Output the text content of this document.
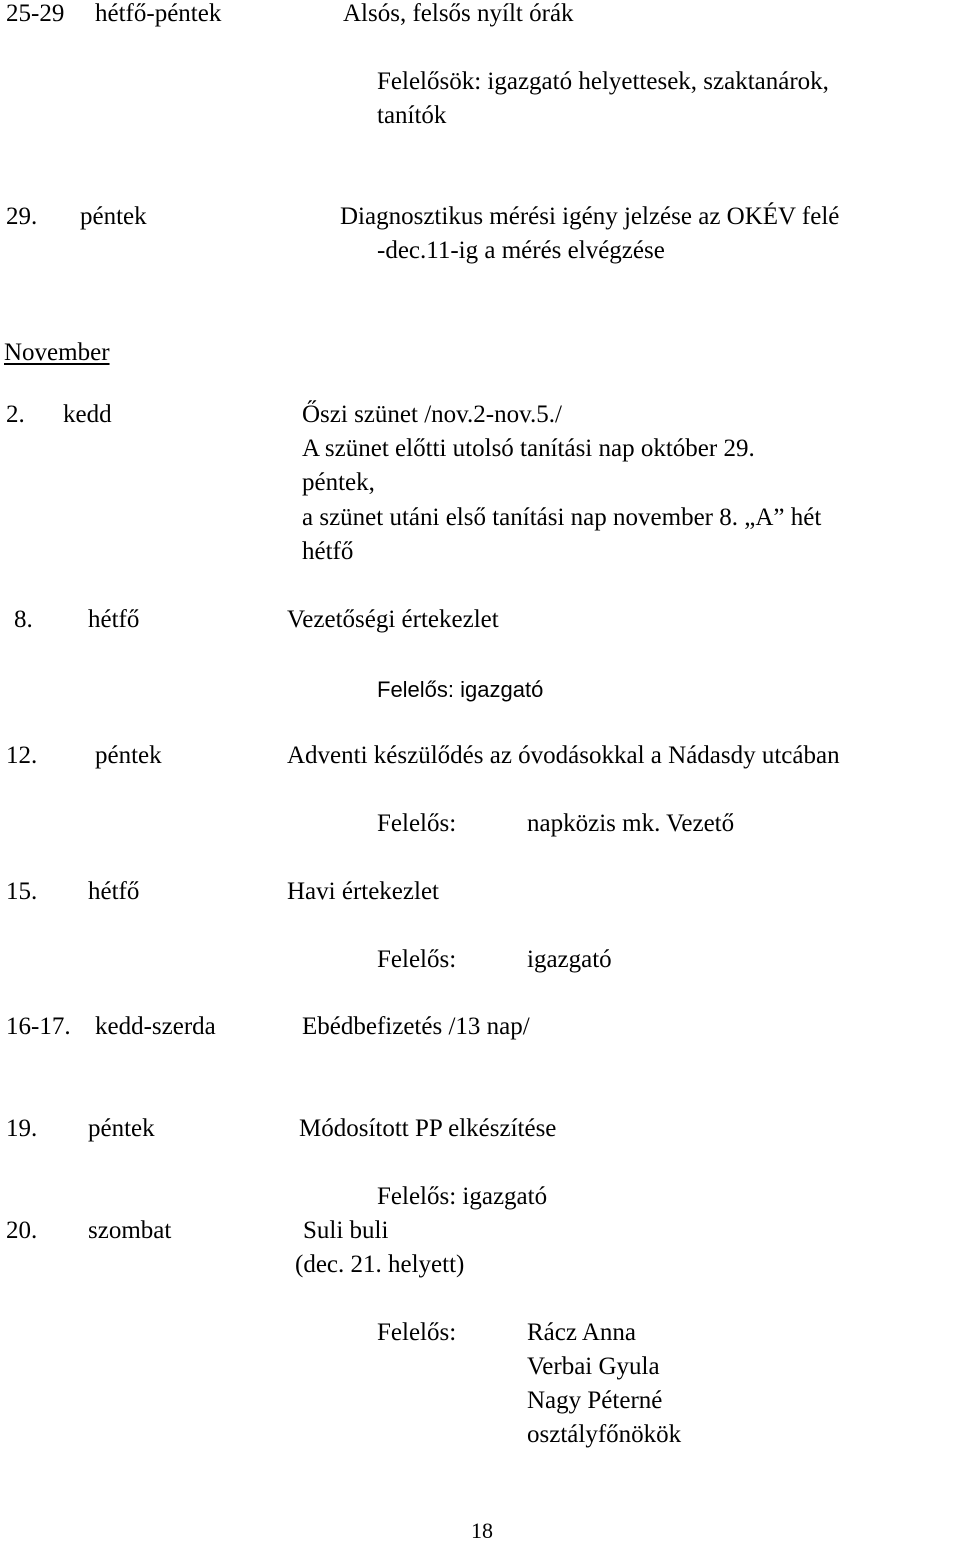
25-29 hétfő-péntek	Alsós, felsős nyílt órák
Felelősök: igazgató helyettesek, szaktanárok,
tanítók
29. péntek	Diagnosztikus mérési igény jelzése az OKÉV felé
-dec.11-ig a mérés elvégzése
November
2. kedd	Őszi szünet /nov.2-nov.5./
A szünet előtti utolsó tanítási nap október 29.
péntek,
a szünet utáni első tanítási nap november 8. „A” hét
hétfő
8. hétfő	Vezetőségi értekezlet
Felelős: igazgató
12. péntek	Adventi készülődés az óvodásokkal a Nádasdy utcában
Felelős:	napközis mk. Vezető
15. hétfő	Havi értekezlet
Felelős:	igazgató
16-17. kedd-szerda	Ebédbefizetés /13 nap/
19. péntek	Módosított PP elkészítése
Felelős: igazgató
20. szombat	Suli buli
(dec. 21. helyett)
Felelős:	Rácz Anna
Verbai Gyula
Nagy Péterné
osztályfőnökök
18
